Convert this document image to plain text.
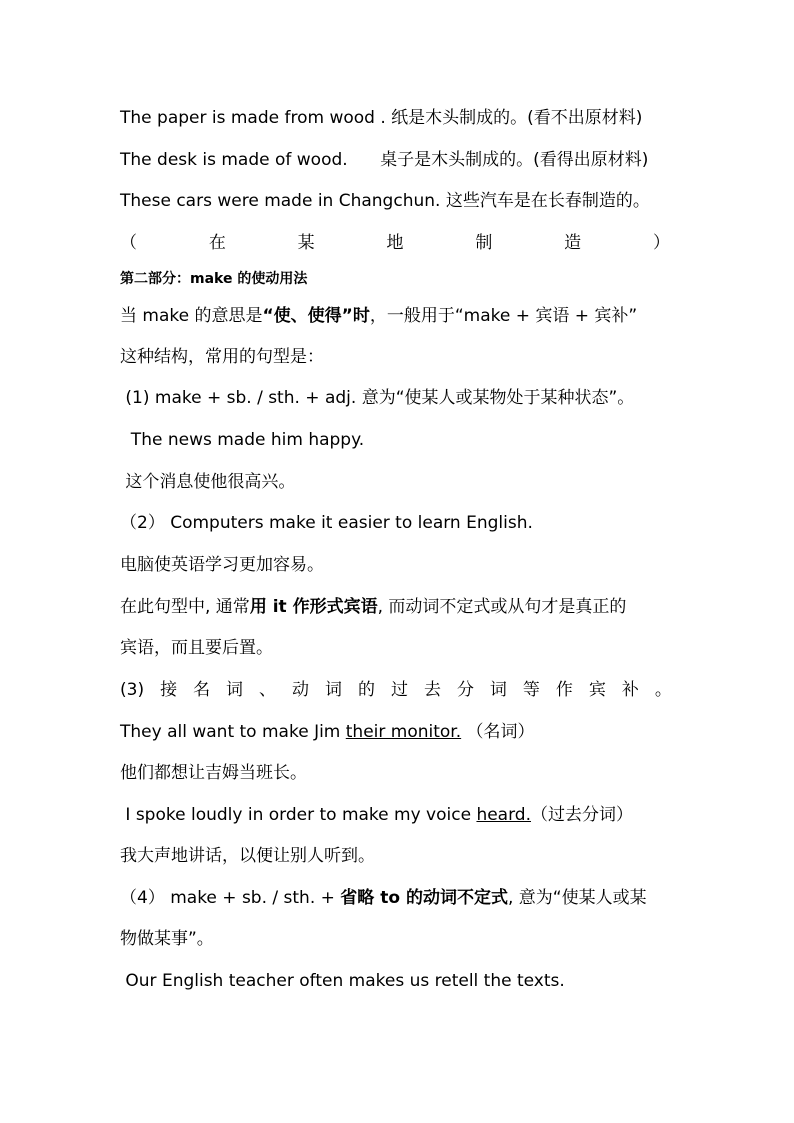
The paper is made from wood . 纸是木头制成的。(看不出原材料)
The desk is made of wood.      桌子是木头制成的。(看得出原材料)
These cars were made in Changchun. 这些汽车是在长春制造的。
（	在	某	地	制	造	）
第二部分：make 的使动用法
当 make 的意思是“使、使得”时，一般用于“make + 宾语 + 宾补”
这种结构，常用的句型是：
(1) make + sb. / sth. + adj. 意为“使某人或某物处于某种状态”。
The news made him happy.
这个消息使他很高兴。
（2） Computers make it easier to learn English.
电脑使英语学习更加容易。
在此句型中, 通常用 it 作形式宾语, 而动词不定式或从句才是真正的
宾语，而且要后置。
(3) 接 名 词 、 动 词 的 过 去 分 词 等 作 宾 补 。
They all want to make Jim their monitor. （名词）
他们都想让吉姆当班长。
I spoke loudly in order to make my voice heard.（过去分词）
我大声地讲话，以便让别人听到。
（4） make + sb. / sth. + 省略 to 的动词不定式, 意为“使某人或某
物做某事”。
Our English teacher often makes us retell the texts.
